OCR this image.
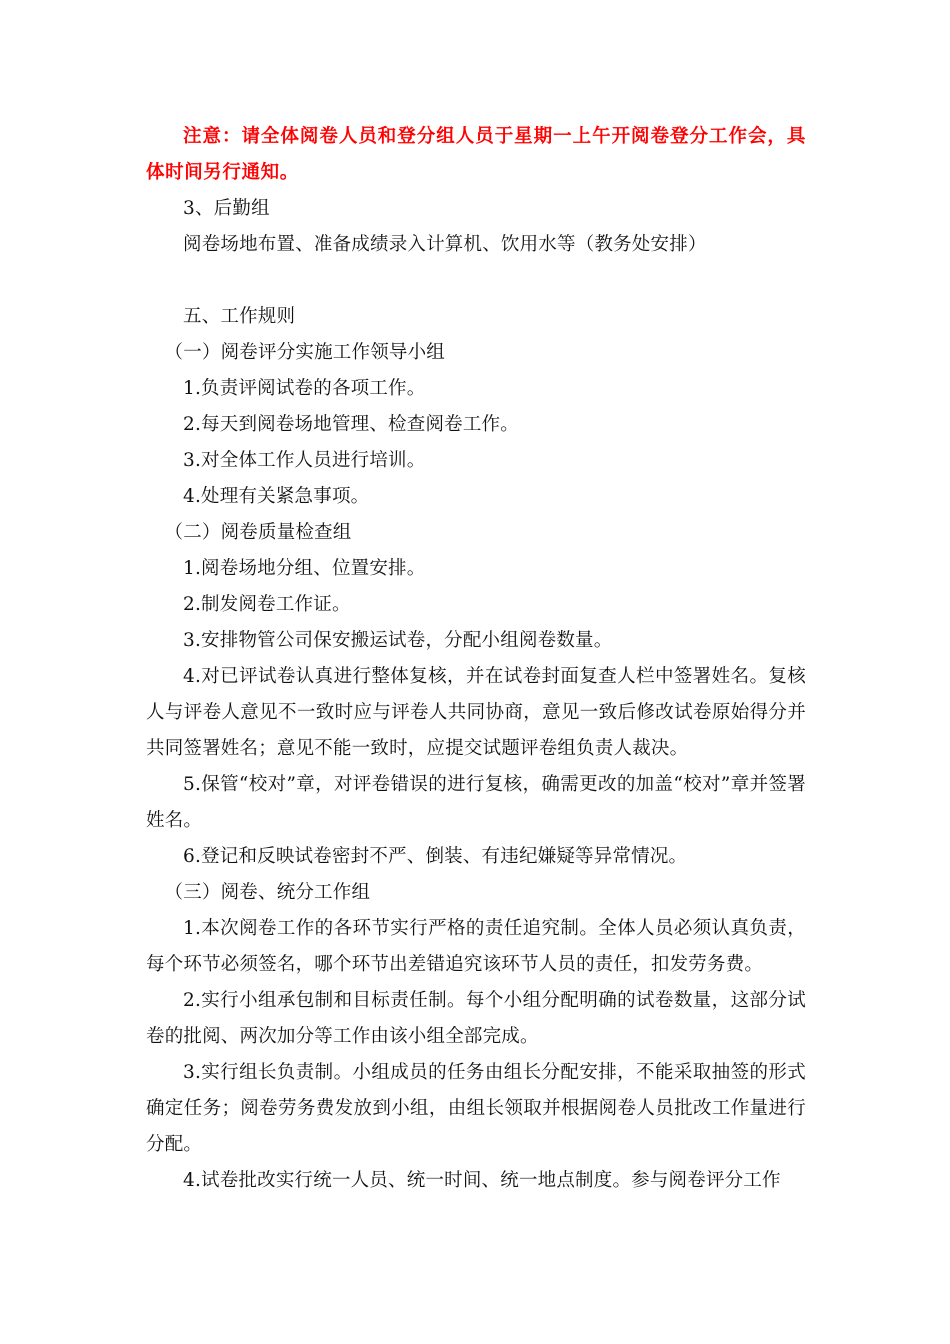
注意：请全体阅卷人员和登分组人员于星期一上午开阅卷登分工作会，具体时间另行通知。

3、后勤组

阅卷场地布置、准备成绩录入计算机、饮用水等（教务处安排）

五、工作规则

（一）阅卷评分实施工作领导小组

1.负责评阅试卷的各项工作。

2.每天到阅卷场地管理、检查阅卷工作。

3.对全体工作人员进行培训。

4.处理有关紧急事项。

（二）阅卷质量检查组

1.阅卷场地分组、位置安排。

2.制发阅卷工作证。

3.安排物管公司保安搬运试卷，分配小组阅卷数量。

4.对已评试卷认真进行整体复核，并在试卷封面复查人栏中签署姓名。复核人与评卷人意见不一致时应与评卷人共同协商，意见一致后修改试卷原始得分并共同签署姓名；意见不能一致时，应提交试题评卷组负责人裁决。

5.保管“校对”章，对评卷错误的进行复核，确需更改的加盖“校对”章并签署姓名。

6.登记和反映试卷密封不严、倒装、有违纪嫌疑等异常情况。

（三）阅卷、统分工作组

1.本次阅卷工作的各环节实行严格的责任追究制。全体人员必须认真负责，每个环节必须签名，哪个环节出差错追究该环节人员的责任，扣发劳务费。

2.实行小组承包制和目标责任制。每个小组分配明确的试卷数量，这部分试卷的批阅、两次加分等工作由该小组全部完成。

3.实行组长负责制。小组成员的任务由组长分配安排，不能采取抽签的形式确定任务；阅卷劳务费发放到小组，由组长领取并根据阅卷人员批改工作量进行分配。

4.试卷批改实行统一人员、统一时间、统一地点制度。参与阅卷评分工作
